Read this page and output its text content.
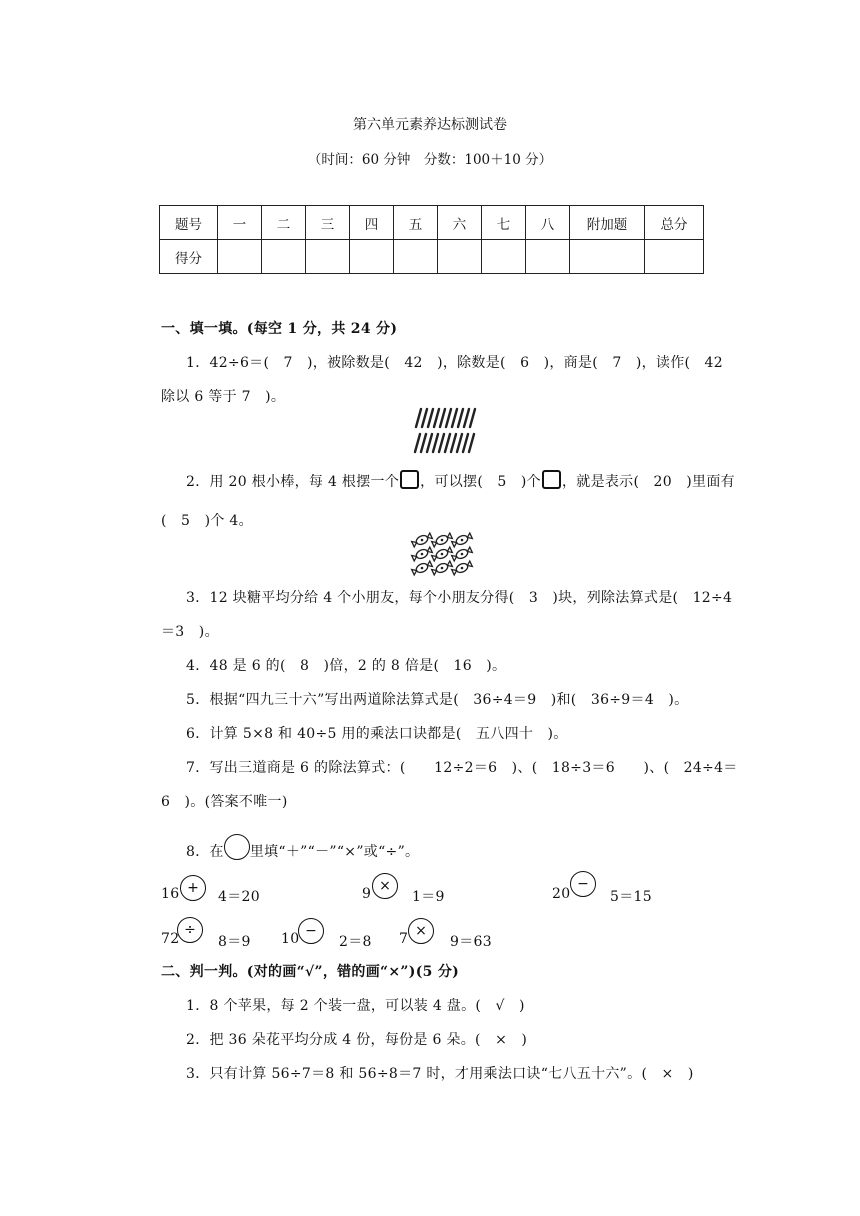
第六单元素养达标测试卷
（时间：60 分钟　分数：100＋10 分）
题号	一	二	三	四	五	六	七	八	附加题	总分
得分										
一、填一填。(每空 1 分，共 24 分)
1．42÷6＝(　7　)，被除数是(　42　)，除数是(　6　)，商是(　7　)，读作(　42
除以 6 等于 7　)。
2．用 20 根小棒，每 4 根摆一个 ，可以摆(　5　)个 ，就是表示(　20　)里面有
(　5　)个 4。
3．12 块糖平均分给 4 个小朋友，每个小朋友分得(　3　)块，列除法算式是(　12÷4
＝3　)。
4．48 是 6 的(　8　)倍，2 的 8 倍是(　16　)。
5．根据“四九三十六”写出两道除法算式是(　36÷4＝9　)和(　36÷9＝4　)。
6．计算 5×8 和 40÷5 用的乘法口诀都是(　五八四十　)。
7．写出三道商是 6 的除法算式：(　　12÷2＝6　)、(　18÷3＝6　　)、(　24÷4＝
6　)。(答案不唯一)
8．在 里填“＋”“－”“×”或“÷”。
16 +
4＝20	9 ×
1＝9	20
−
5＝15
72
÷
8＝9 10 −
2＝8 7 ×
9＝63
二、判一判。(对的画“√”，错的画“×”)(5 分)
1．8 个苹果，每 2 个装一盘，可以装 4 盘。(　√　)
2．把 36 朵花平均分成 4 份，每份是 6 朵。(　×　)
3．只有计算 56÷7＝8 和 56÷8＝7 时，才用乘法口诀“七八五十六”。(　×　)
